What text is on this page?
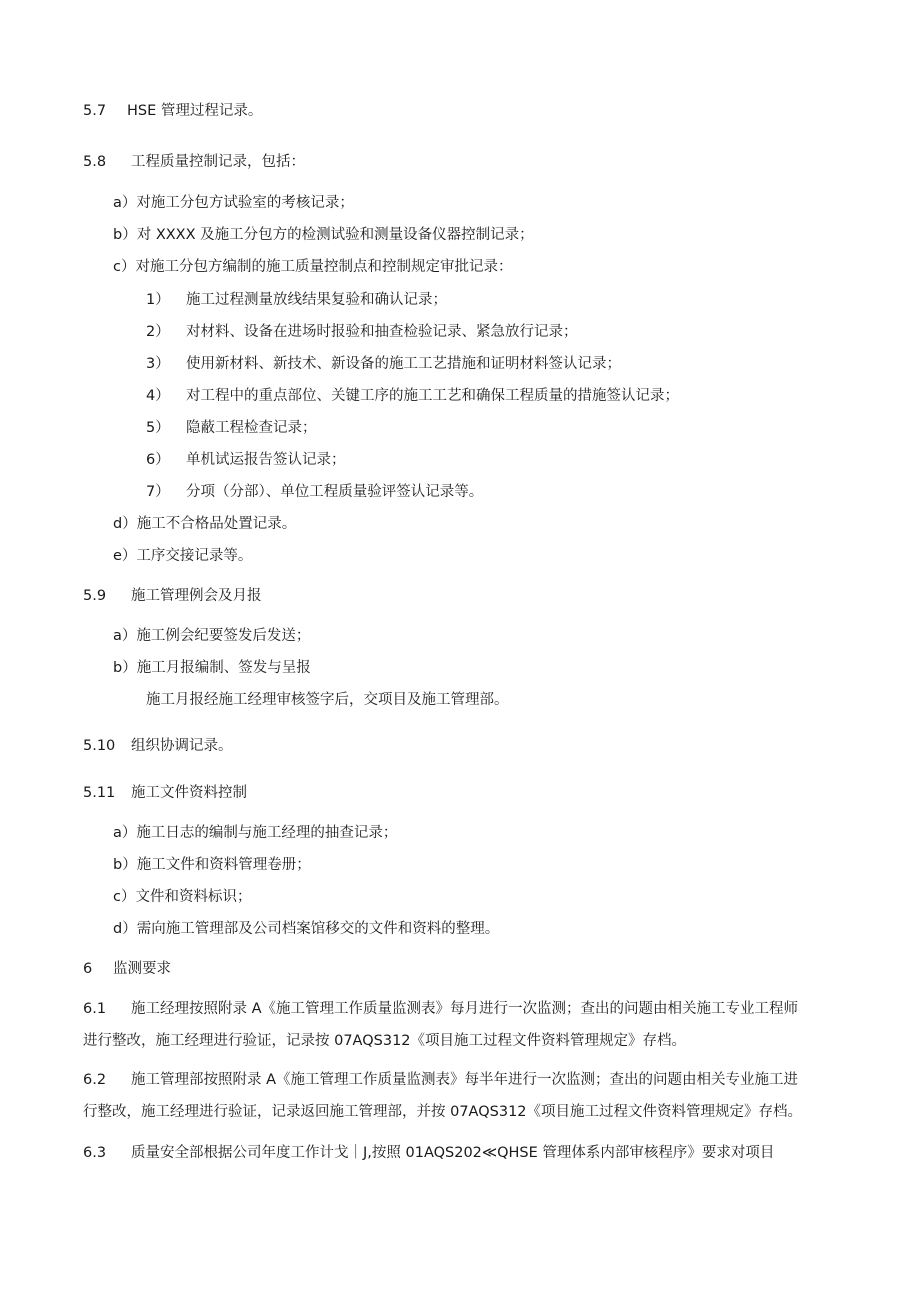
5.7 HSE 管理过程记录。
5.8 工程质量控制记录，包括：
a）对施工分包方试验室的考核记录；
b）对 XXXX 及施工分包方的检测试验和测量设备仪器控制记录；
c）对施工分包方编制的施工质量控制点和控制规定审批记录：
1） 施工过程测量放线结果复验和确认记录；
2） 对材料、设备在进场时报验和抽查检验记录、紧急放行记录；
3） 使用新材料、新技术、新设备的施工工艺措施和证明材料签认记录；
4） 对工程中的重点部位、关键工序的施工工艺和确保工程质量的措施签认记录；
5） 隐蔽工程检查记录；
6） 单机试运报告签认记录；
7） 分项（分部）、单位工程质量验评签认记录等。
d）施工不合格品处置记录。
e）工序交接记录等。
5.9 施工管理例会及月报
a）施工例会纪要签发后发送；
b）施工月报编制、签发与呈报
施工月报经施工经理审核签字后，交项目及施工管理部。
5.10 组织协调记录。
5.11 施工文件资料控制
a）施工日志的编制与施工经理的抽查记录；
b）施工文件和资料管理卷册；
c）文件和资料标识；
d）需向施工管理部及公司档案馆移交的文件和资料的整理。
6 监测要求
6.1 施工经理按照附录 A《施工管理工作质量监测表》每月进行一次监测；查出的问题由相关施工专业工程师
进行整改，施工经理进行验证，记录按 07AQS312《项目施工过程文件资料管理规定》存档。
6.2 施工管理部按照附录 A《施工管理工作质量监测表》每半年进行一次监测；查出的问题由相关专业施工进
行整改，施工经理进行验证，记录返回施工管理部，并按 07AQS312《项目施工过程文件资料管理规定》存档。
6.3 质量安全部根据公司年度工作计戈｜J,按照 01AQS202≪QHSE 管理体系内部审核程序》要求对项目
